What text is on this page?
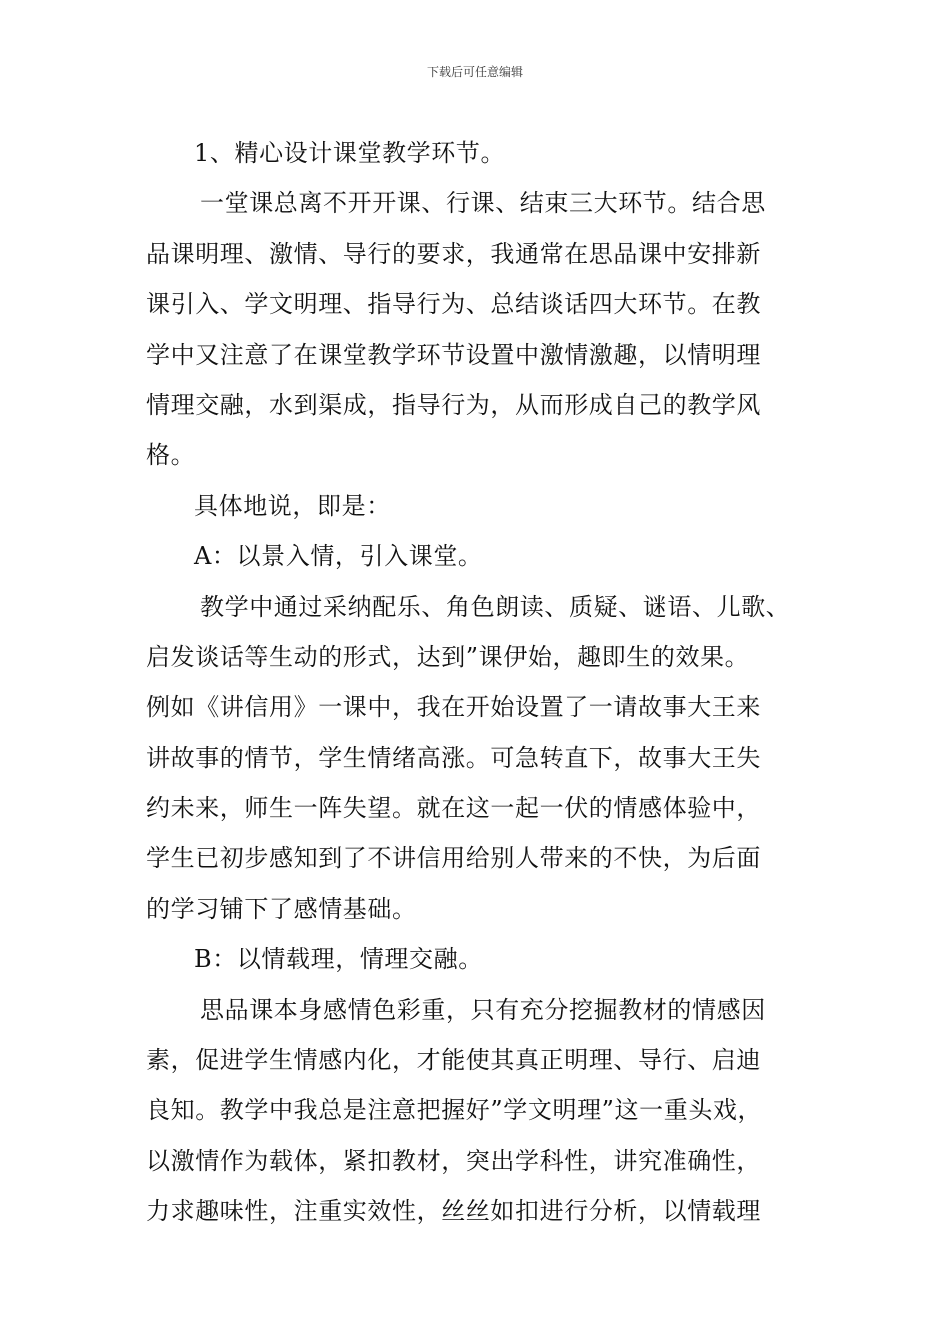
下载后可任意编辑
1、精心设计课堂教学环节。
一堂课总离不开开课、行课、结束三大环节。结合思
品课明理、激情、导行的要求，我通常在思品课中安排新
课引入、学文明理、指导行为、总结谈话四大环节。在教
学中又注意了在课堂教学环节设置中激情激趣，以情明理
情理交融，水到渠成，指导行为，从而形成自己的教学风
格。
具体地说，即是：
A：以景入情，引入课堂。
教学中通过采纳配乐、角色朗读、质疑、谜语、儿歌、
启发谈话等生动的形式，达到”课伊始，趣即生的效果。
例如《讲信用》一课中，我在开始设置了一请故事大王来
讲故事的情节，学生情绪高涨。可急转直下，故事大王失
约未来，师生一阵失望。就在这一起一伏的情感体验中，
学生已初步感知到了不讲信用给别人带来的不快，为后面
的学习铺下了感情基础。
B：以情载理，情理交融。
思品课本身感情色彩重，只有充分挖掘教材的情感因
素，促进学生情感内化，才能使其真正明理、导行、启迪
良知。教学中我总是注意把握好”学文明理”这一重头戏，
以激情作为载体，紧扣教材，突出学科性，讲究准确性，
力求趣味性，注重实效性，丝丝如扣进行分析，以情载理
